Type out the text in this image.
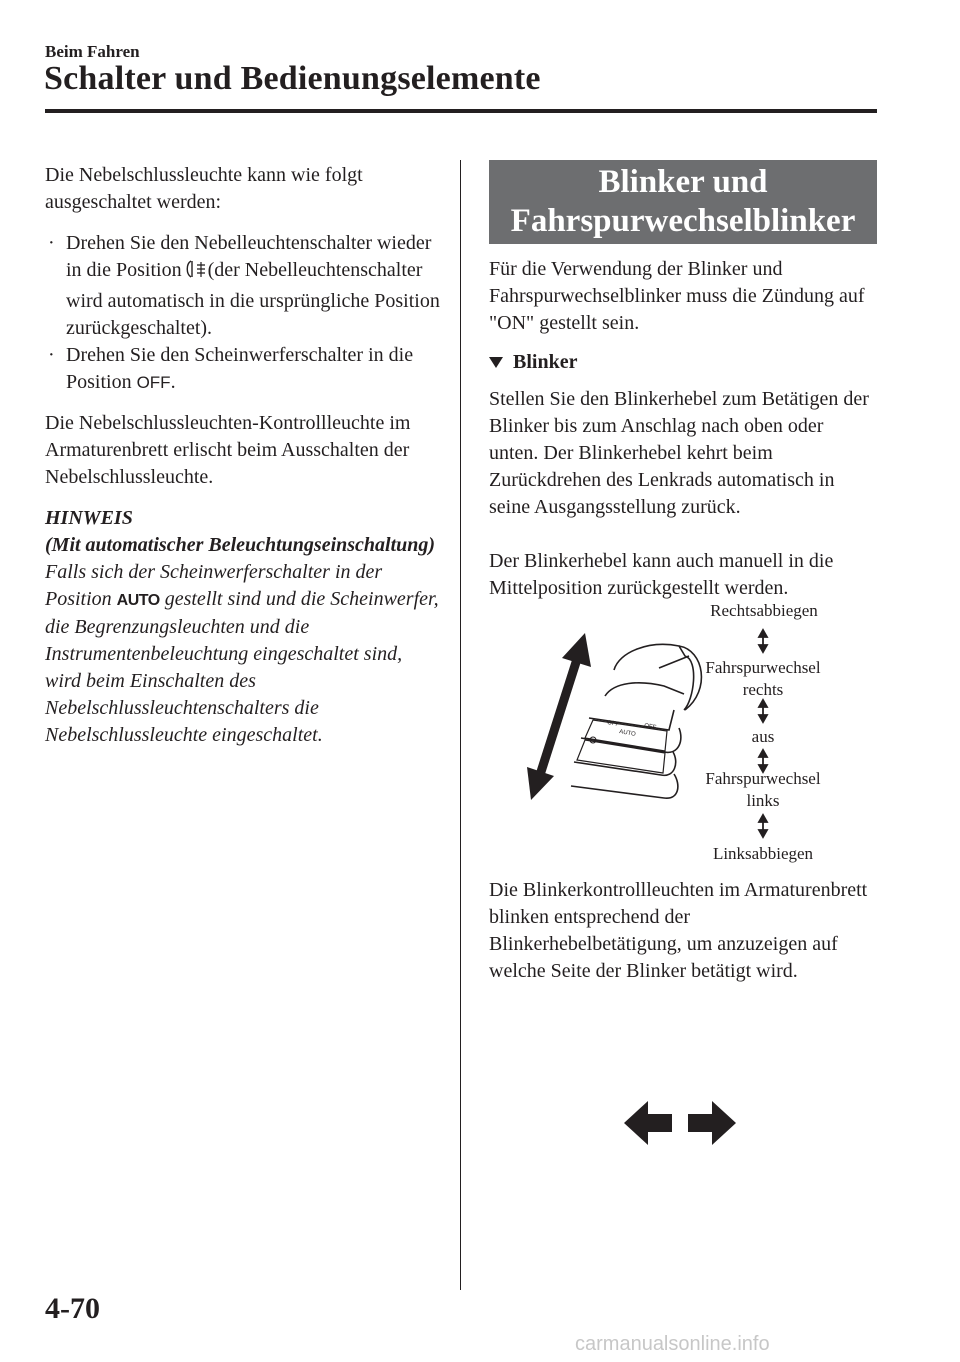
Beim Fahren
Schalter und Bedienungselemente

Die Nebelschlussleuchte kann wie folgt ausgeschaltet werden:

· Drehen Sie den Nebelleuchtenschalter wieder in die Position (der Nebelleuchtenschalter wird automatisch in die ursprüngliche Position zurückgeschaltet).
· Drehen Sie den Scheinwerferschalter in die Position OFF.

Die Nebelschlussleuchten-Kontrollleuchte im Armaturenbrett erlischt beim Ausschalten der Nebelschlussleuchte.

HINWEIS
(Mit automatischer Beleuchtungseinschaltung)
Falls sich der Scheinwerferschalter in der Position AUTO gestellt sind und die Scheinwerfer, die Begrenzungsleuchten und die Instrumentenbeleuchtung eingeschaltet sind, wird beim Einschalten des Nebelschlussleuchtenschalters die Nebelschlussleuchte eingeschaltet.
Blinker und
Fahrspurwechselblinker

Für die Verwendung der Blinker und Fahrspurwechselblinker muss die Zündung auf "ON" gestellt sein.

Blinker

Stellen Sie den Blinkerhebel zum Betätigen der Blinker bis zum Anschlag nach oben oder unten. Der Blinkerhebel kehrt beim Zurückdrehen des Lenkrads automatisch in seine Ausgangsstellung zurück.

Der Blinkerhebel kann auch manuell in die Mittelposition zurückgestellt werden.

AUTO
OFF	OFF
Rechtsabbiegen
Fahrspurwechsel
rechts
aus
Fahrspurwechsel
links
Linksabbiegen

Die Blinkerkontrollleuchten im Armaturenbrett blinken entsprechend der Blinkerhebelbetätigung, um anzuzeigen auf welche Seite der Blinker betätigt wird.

4-70
carmanualsonline.info
